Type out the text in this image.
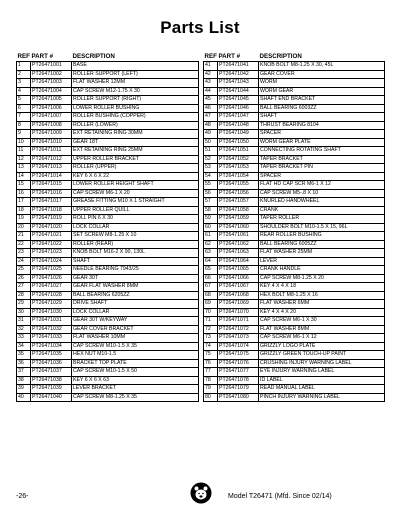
Parts List
REF	PART #	DESCRIPTION
1	PT26471001	BASE
2	PT26471002	ROLLER SUPPORT (LEFT)
3	PT26471003	FLAT WASHER 12MM
4	PT26471004	CAP SCREW M12-1.75 X 30
5	PT26471005	ROLLER SUPPORT (RIGHT)
6	PT26471006	LOWER ROLLER BUSHING
7	PT26471007	ROLLER BUSHING (COPPER)
8	PT26471008	ROLLER (LOWER)
9	PT26471009	EXT RETAINING RING 30MM
10	PT26471010	GEAR 18T
11	PT26471011	EXT RETAINING RING 25MM
12	PT26471012	UPPER ROLLER BRACKET
13	PT26471013	ROLLER (UPPER)
14	PT26471014	KEY 6 X 6 X 22
15	PT26471015	LOWER ROLLER HEIGHT SHAFT
16	PT26471016	CAP SCREW M6-1 X 20
17	PT26471017	GREASE FITTING M10 X 1 STRAIGHT
18	PT26471018	UPPER ROLLER QUILL
19	PT26471019	ROLL PIN 6 X 30
20	PT26471020	LOCK COLLAR
21	PT26471021	SET SCREW M8-1.25 X 10
22	PT26471022	ROLLER (REAR)
23	PT26471023	KNOB BOLT M16-2 X 90, 130L
24	PT26471024	SHAFT
25	PT26471025	NEEDLE BEARING 7943/25
26	PT26471026	GEAR 30T
27	PT26471027	GEAR FLAT WASHER 8MM
28	PT26471028	BALL BEARING 6205ZZ
29	PT26471029	DRIVE SHAFT
30	PT26471030	LOCK COLLAR
31	PT26471031	GEAR 30T W/KEYWAY
32	PT26471032	GEAR COVER BRACKET
33	PT26471033	FLAT WASHER 10MM
34	PT26471034	CAP SCREW M10-1.5 X 35
35	PT26471035	HEX NUT M10-1.5
36	PT26471036	BRACKET TOP PLATE
37	PT26471037	CAP SCREW M10-1.5 X 50
38	PT26471038	KEY 6 X 6 X 63
39	PT26471039	LEVER BRACKET
40	PT26471040	CAP SCREW M8-1.25 X 35
REF	PART #	DESCRIPTION
41	PT26471041	KNOB BOLT M8-1.25 X 30, 45L
42	PT26471042	GEAR COVER
43	PT26471043	WORM
44	PT26471044	WORM GEAR
45	PT26471045	SHAFT END BRACKET
46	PT26471046	BALL BEARING 6003ZZ
47	PT26471047	SHAFT
48	PT26471048	THRUST BEARING 8104
49	PT26471049	SPACER
50	PT26471050	WORM GEAR PLATE
51	PT26471051	CONNECTING ROTATING SHAFT
52	PT26471052	TAPER BRACKET
53	PT26471053	TAPER BRACKET PIN
54	PT26471054	SPACER
55	PT26471055	FLAT HD CAP SCR M6-1 X 12
56	PT26471056	CAP SCREW M5-.8 X 10
57	PT26471057	KNURLED HANDWHEEL
58	PT26471058	CRANK
59	PT26471059	TAPER ROLLER
60	PT26471060	SHOULDER BOLT M10-1.5 X 15, 96L
61	PT26471061	REAR ROLLER BUSHING
62	PT26471062	BALL BEARING 6005ZZ
63	PT26471063	FLAT WASHER 25MM
64	PT26471064	LEVER
65	PT26471065	CRANK HANDLE
66	PT26471066	CAP SCREW M8-1.25 X 20
67	PT26471067	KEY 4 X 4 X 18
68	PT26471068	HEX BOLT M8-1.25 X 16
69	PT26471069	FLAT WASHER 6MM
70	PT26471070	KEY 4 X 4 X 20
71	PT26471071	CAP SCREW M6-1 X 30
72	PT26471072	FLAT WASHER 8MM
73	PT26471073	CAP SCREW M6-1 X 12
74	PT26471074	GRIZZLY LOGO PLATE
75	PT26471075	GRIZZLY GREEN TOUCH-UP PAINT
76	PT26471076	CRUSHING INJURY WARNING LABEL
77	PT26471077	EYE INJURY WARNING LABEL
78	PT26471078	ID LABEL
79	PT26471079	READ MANUAL LABEL
80	PT26471080	PINCH INJURY WARNING LABEL
-26-	Model T26471 (Mfd. Since 02/14)
